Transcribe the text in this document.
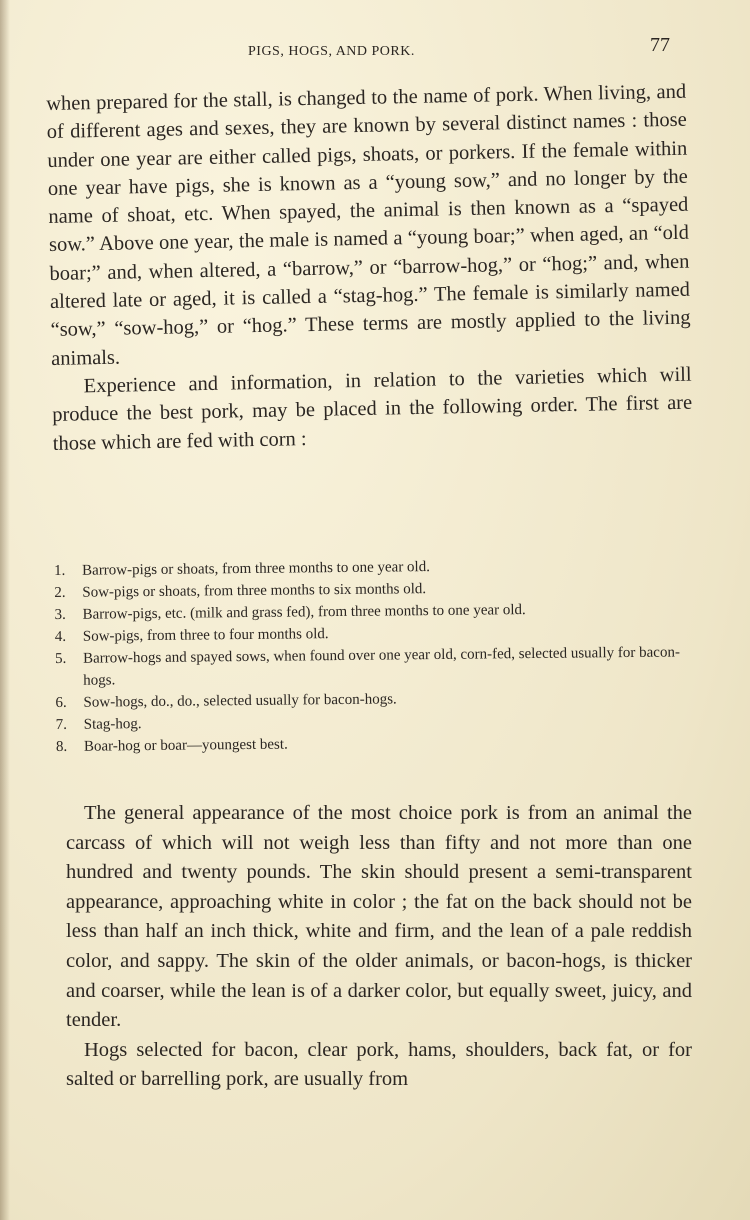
PIGS, HOGS, AND PORK.	77

when prepared for the stall, is changed to the name of pork. When living, and of different ages and sexes, they are known by several distinct names : those under one year are either called pigs, shoats, or porkers. If the female within one year have pigs, she is known as a “young sow,” and no longer by the name of shoat, etc. When spayed, the animal is then known as a “spayed sow.” Above one year, the male is named a “young boar;” when aged, an “old boar;” and, when altered, a “barrow,” or “barrow-hog,” or “hog;” and, when altered late or aged, it is called a “stag-hog.” The female is similarly named “sow,” “sow-hog,” or “hog.” These terms are mostly applied to the living animals.

Experience and information, in relation to the varieties which will produce the best pork, may be placed in the following order. The first are those which are fed with corn :

1. Barrow-pigs or shoats, from three months to one year old.
2. Sow-pigs or shoats, from three months to six months old.
3. Barrow-pigs, etc. (milk and grass fed), from three months to one year old.
4. Sow-pigs, from three to four months old.
5. Barrow-hogs and spayed sows, when found over one year old, corn-fed, selected usually for bacon-hogs.
6. Sow-hogs, do., do., selected usually for bacon-hogs.
7. Stag-hog.
8. Boar-hog or boar—youngest best.

The general appearance of the most choice pork is from an animal the carcass of which will not weigh less than fifty and not more than one hundred and twenty pounds. The skin should present a semi-transparent appearance, approaching white in color ; the fat on the back should not be less than half an inch thick, white and firm, and the lean of a pale reddish color, and sappy. The skin of the older animals, or bacon-hogs, is thicker and coarser, while the lean is of a darker color, but equally sweet, juicy, and tender.

Hogs selected for bacon, clear pork, hams, shoulders, back fat, or for salted or barrelling pork, are usually from
